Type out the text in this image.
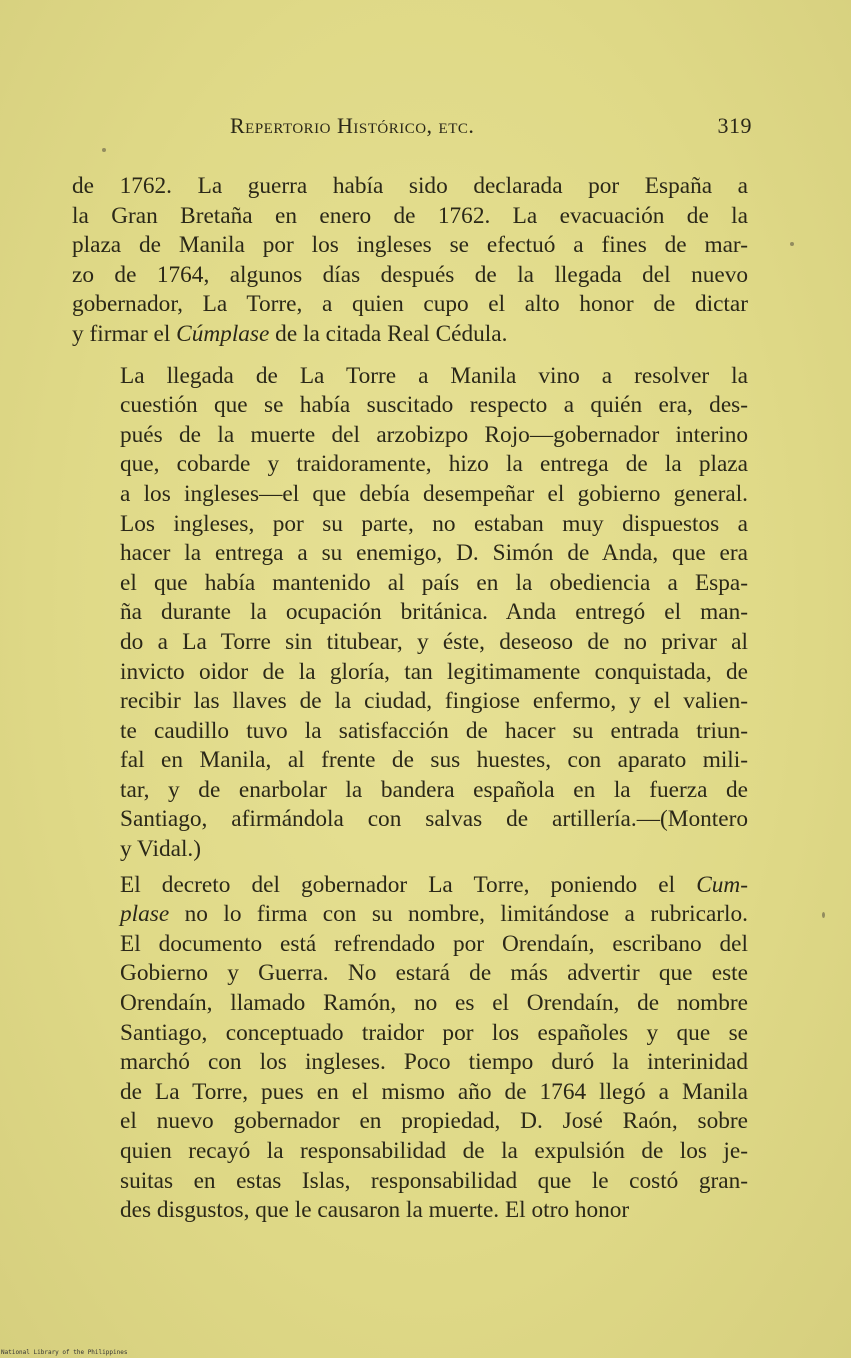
Repertorio Histórico, etc.	319

de 1762. La guerra había sido declarada por España a
la Gran Bretaña en enero de 1762. La evacuación de la
plaza de Manila por los ingleses se efectuó a fines de mar-
zo de 1764, algunos días después de la llegada del nuevo
gobernador, La Torre, a quien cupo el alto honor de dictar
y firmar el Cúmplase de la citada Real Cédula.

La llegada de La Torre a Manila vino a resolver la
cuestión que se había suscitado respecto a quién era, des-
pués de la muerte del arzobizpo Rojo—gobernador interino
que, cobarde y traidoramente, hizo la entrega de la plaza
a los ingleses—el que debía desempeñar el gobierno general.
Los ingleses, por su parte, no estaban muy dispuestos a
hacer la entrega a su enemigo, D. Simón de Anda, que era
el que había mantenido al país en la obediencia a Espa-
ña durante la ocupación británica. Anda entregó el man-
do a La Torre sin titubear, y éste, deseoso de no privar al
invicto oidor de la gloría, tan legitimamente conquistada, de
recibir las llaves de la ciudad, fingiose enfermo, y el valien-
te caudillo tuvo la satisfacción de hacer su entrada triun-
fal en Manila, al frente de sus huestes, con aparato mili-
tar, y de enarbolar la bandera española en la fuerza de
Santiago, afirmándola con salvas de artillería.—(Montero
y Vidal.)

El decreto del gobernador La Torre, poniendo el Cum-
plase no lo firma con su nombre, limitándose a rubricarlo.
El documento está refrendado por Orendaín, escribano del
Gobierno y Guerra. No estará de más advertir que este
Orendaín, llamado Ramón, no es el Orendaín, de nombre
Santiago, conceptuado traidor por los españoles y que se
marchó con los ingleses. Poco tiempo duró la interinidad
de La Torre, pues en el mismo año de 1764 llegó a Manila
el nuevo gobernador en propiedad, D. José Raón, sobre
quien recayó la responsabilidad de la expulsión de los je-
suitas en estas Islas, responsabilidad que le costó gran-
des disgustos, que le causaron la muerte. El otro honor

National Library of the Philippines
